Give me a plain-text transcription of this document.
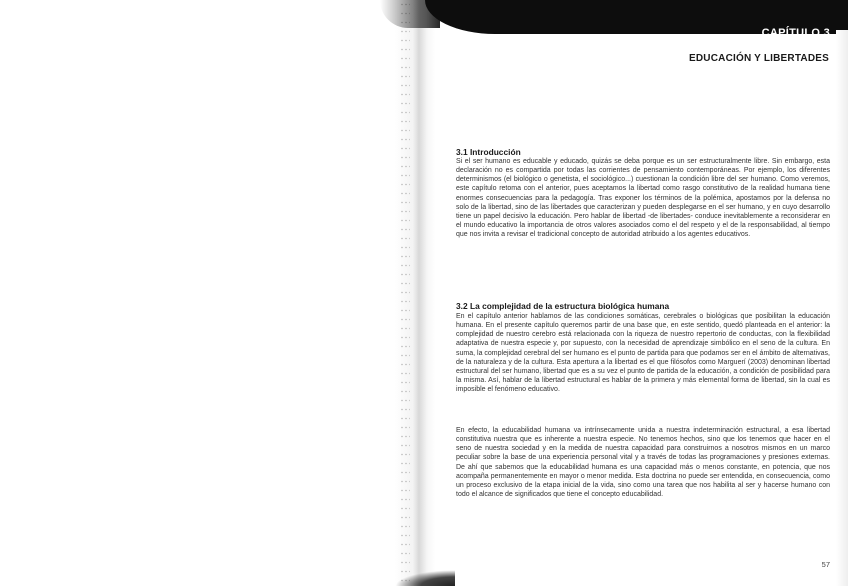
CAPÍTULO 3
EDUCACIÓN Y LIBERTADES
3.1 Introducción
Si el ser humano es educable y educado, quizás se deba porque es un ser estructuralmente libre. Sin embargo, esta declaración no es compartida por todas las corrientes de pensamiento contemporáneas. Por ejemplo, los diferentes determinismos (el biológico o genetista, el sociológico...) cuestionan la condición libre del ser humano. Como veremos, este capítulo retoma con el anterior, pues aceptamos la libertad como rasgo constitutivo de la realidad humana tiene enormes consecuencias para la pedagogía. Tras exponer los términos de la polémica, apostamos por la defensa no solo de la libertad, sino de las libertades que caracterizan y pueden desplegarse en el ser humano, y en cuyo desarrollo tiene un papel decisivo la educación. Pero hablar de libertad -de libertades- conduce inevitablemente a reconsiderar en el mundo educativo la importancia de otros valores asociados como el del respeto y el de la responsabilidad, al tiempo que nos invita a revisar el tradicional concepto de autoridad atribuido a los agentes educativos.
3.2 La complejidad de la estructura biológica humana
En el capítulo anterior hablamos de las condiciones somáticas, cerebrales o biológicas que posibilitan la educación humana. En el presente capítulo queremos partir de una base que, en este sentido, quedó planteada en el anterior: la complejidad de nuestro cerebro está relacionada con la riqueza de nuestro repertorio de conductas, con la flexibilidad adaptativa de nuestra especie y, por supuesto, con la necesidad de aprendizaje simbólico en el seno de la cultura. En suma, la complejidad cerebral del ser humano es el punto de partida para que podamos ser en el ámbito de alternativas, de la naturaleza y de la cultura. Esta apertura a la libertad es el que filósofos como Marguerí (2003) denominan libertad estructural del ser humano, libertad que es a su vez el punto de partida de la educación, a condición de posibilidad para la misma. Así, hablar de la libertad estructural es hablar de la primera y más elemental forma de libertad, sin la cual es imposible el fenómeno educativo.
En efecto, la educabilidad humana va intrínsecamente unida a nuestra indeterminación estructural, a esa libertad constitutiva nuestra que es inherente a nuestra especie. No tenemos hechos, sino que los tenemos que hacer en el seno de nuestra sociedad y en la medida de nuestra capacidad para construirnos a nosotros mismos en un marco peculiar sobre la base de una experiencia personal vital y a través de todas las programaciones y presiones externas. De ahí que sabemos que la educabilidad humana es una capacidad más o menos constante, en potencia, que nos acompaña permanentemente en mayor o menor medida. Esta doctrina no puede ser entendida, en consecuencia, como un proceso exclusivo de la etapa inicial de la vida, sino como una tarea que nos habilita al ser y hacerse humano con todo el alcance de significados que tiene el concepto educabilidad.
57
